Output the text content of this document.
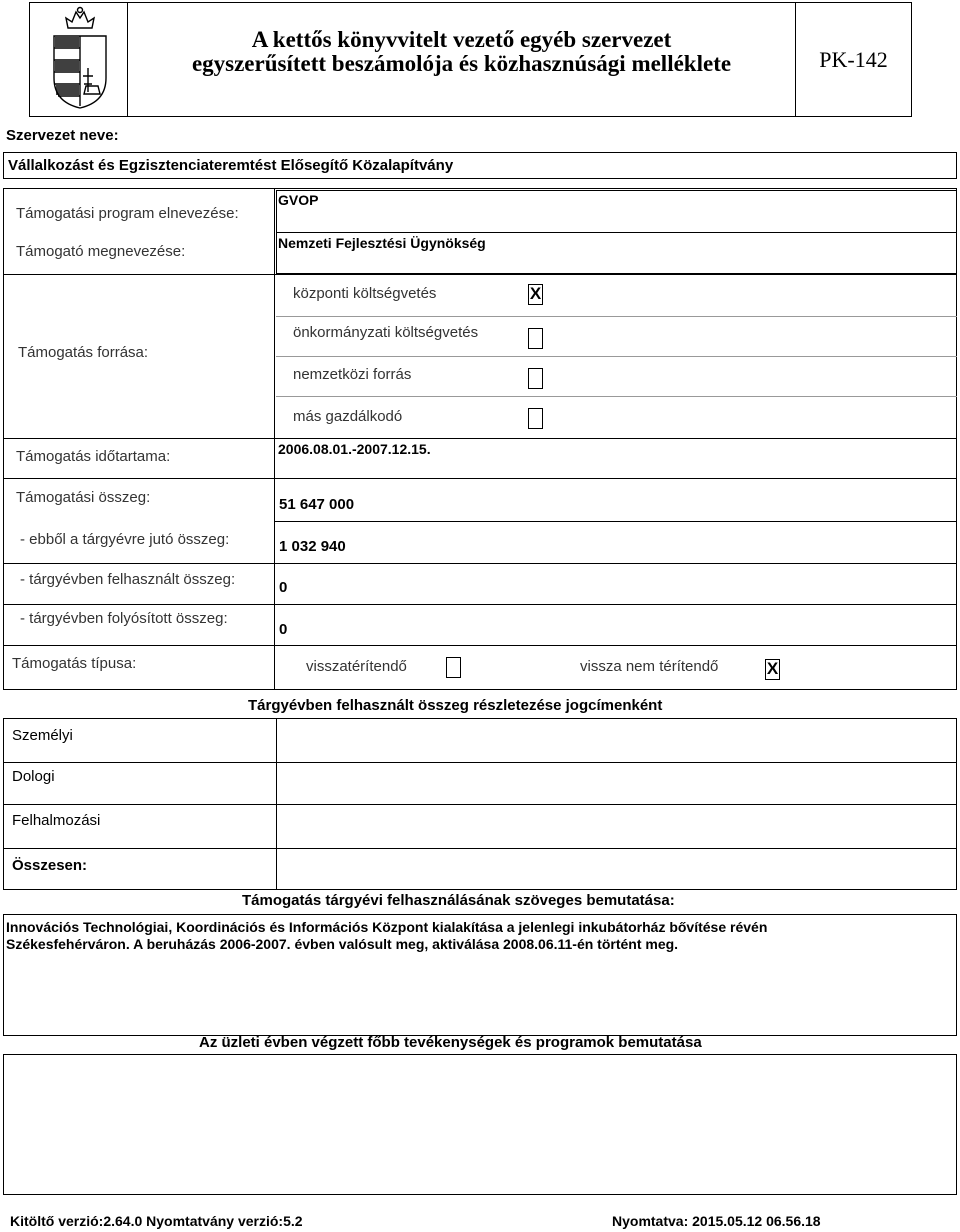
A kettős könyvvitelt vezető egyéb szervezet
egyszerűsített beszámolója és közhasznúsági melléklete	PK-142
Szervezet neve:
Vállalkozást és Egzisztenciateremtést Elősegítő Közalapítvány
Támogatási program elnevezése:
GVOP
Támogató megnevezése:	Nemzeti Fejlesztési Ügynökség
Támogatás forrása:
központi költségvetés	X
önkormányzati költségvetés
nemzetközi forrás
más gazdálkodó
Támogatás időtartama:	2006.08.01.-2007.12.15.
Támogatási összeg:	51 647 000
- ebből a tárgyévre jutó összeg:	1 032 940
- tárgyévben felhasznált összeg:	0
- tárgyévben folyósított összeg:
0
Támogatás típusa:	visszatérítendő	vissza nem térítendő	X
Tárgyévben felhasznált összeg részletezése jogcímenként
Személyi
Dologi
Felhalmozási
Összesen:
Támogatás tárgyévi felhasználásának szöveges bemutatása:
Innovációs Technológiai, Koordinációs és Információs Központ kialakítása a jelenlegi inkubátorház bővítése révén
Székesfehérváron. A beruházás 2006-2007. évben valósult meg, aktiválása 2008.06.11-én történt meg.
Az üzleti évben végzett főbb tevékenységek és programok bemutatása
Kitöltő verzió:2.64.0 Nyomtatvány verzió:5.2	Nyomtatva: 2015.05.12 06.56.18
